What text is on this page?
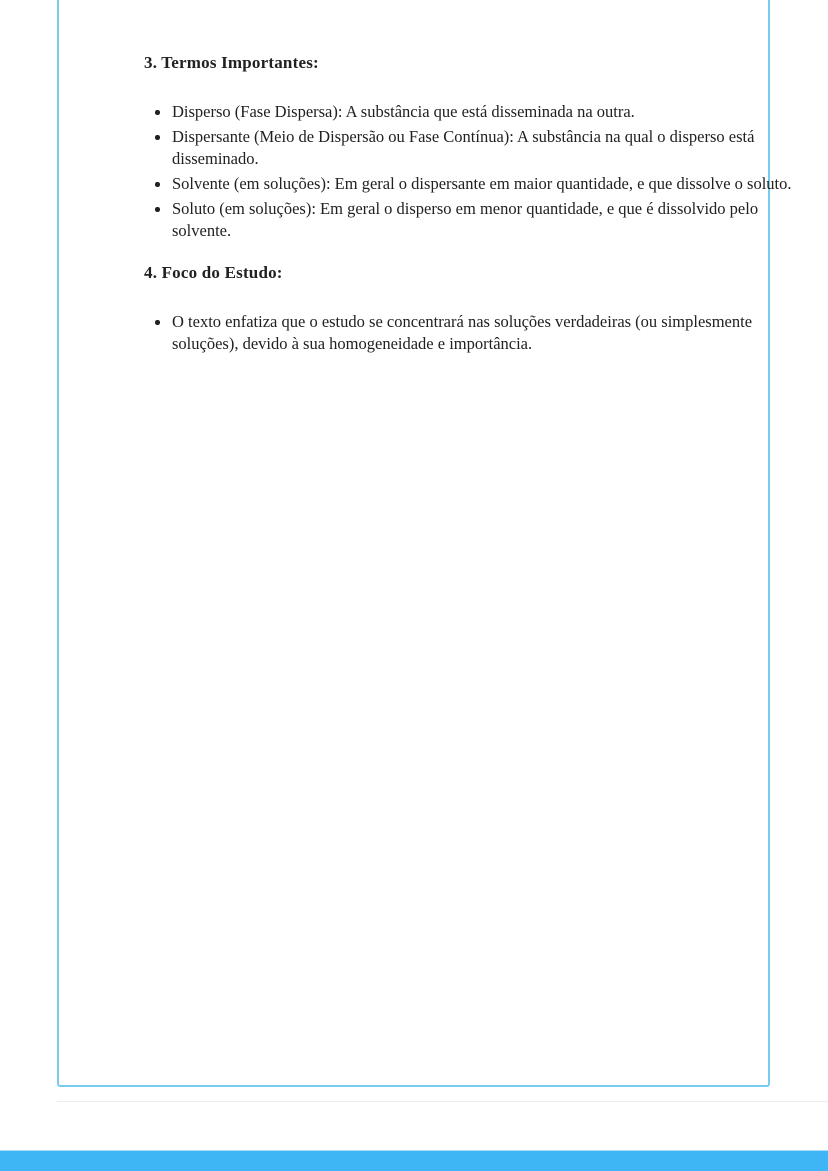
3. Termos Importantes:
Disperso (Fase Dispersa): A substância que está disseminada na outra.
Dispersante (Meio de Dispersão ou Fase Contínua): A substância na qual o disperso está disseminado.
Solvente (em soluções): Em geral o dispersante em maior quantidade, e que dissolve o soluto.
Soluto (em soluções): Em geral o disperso em menor quantidade, e que é dissolvido pelo solvente.
4. Foco do Estudo:
O texto enfatiza que o estudo se concentrará nas soluções verdadeiras (ou simplesmente soluções), devido à sua homogeneidade e importância.
